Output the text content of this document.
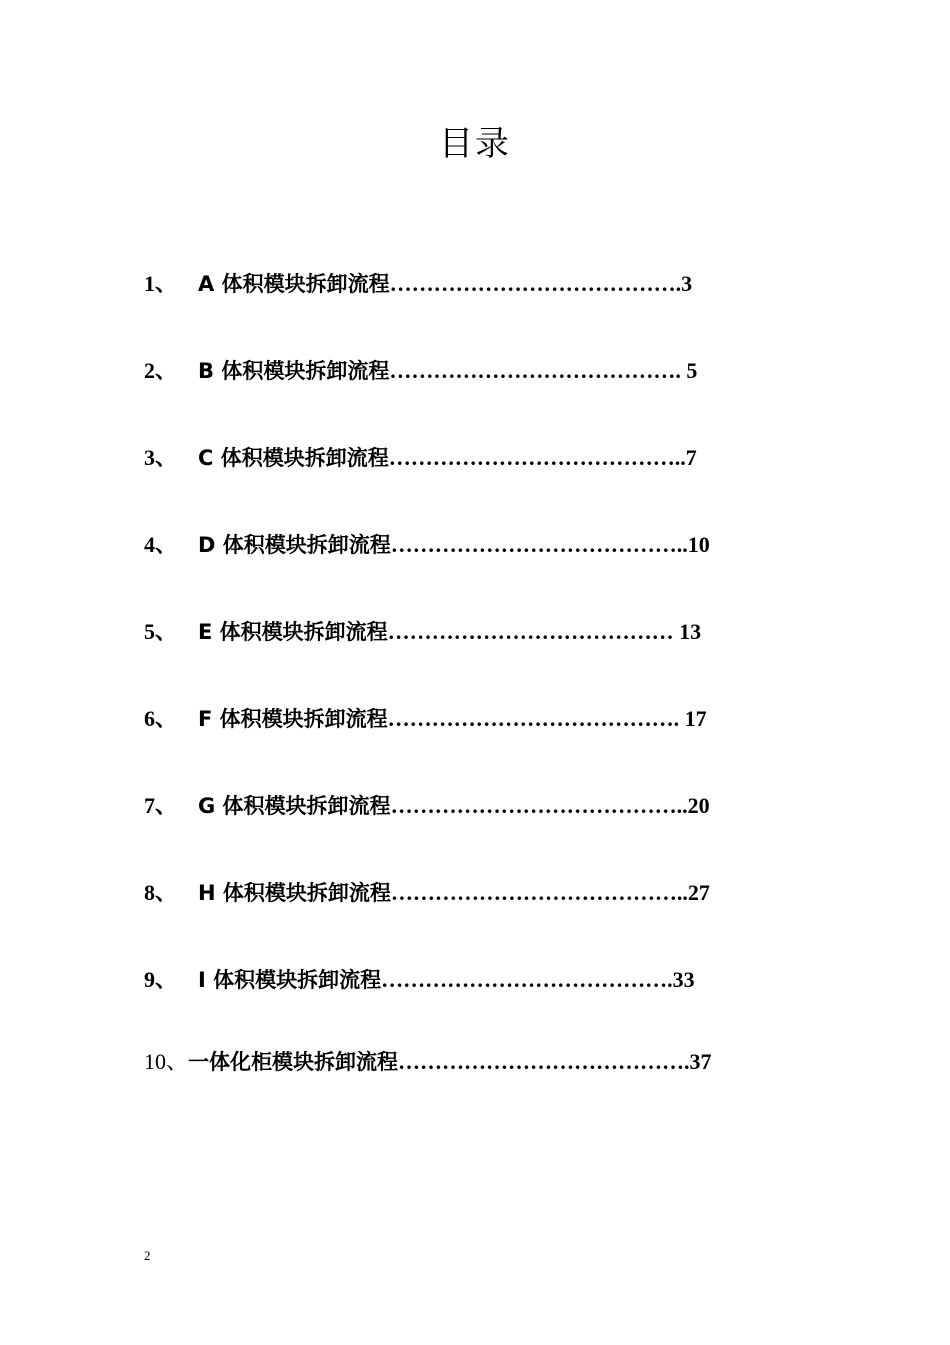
目录
1、 A 体积模块拆卸流程………………………………….3
2、 B 体积模块拆卸流程…………………………………. 5
3、 C 体积模块拆卸流程…………………………………..7
4、 D 体积模块拆卸流程…………………………………..10
5、 E 体积模块拆卸流程………………………………… 13
6、 F 体积模块拆卸流程…………………………………. 17
7、 G 体积模块拆卸流程…………………………………..20
8、 H 体积模块拆卸流程…………………………………..27
9、 I 体积模块拆卸流程………………………………….33
10、一体化柜模块拆卸流程………………………………….37
2
